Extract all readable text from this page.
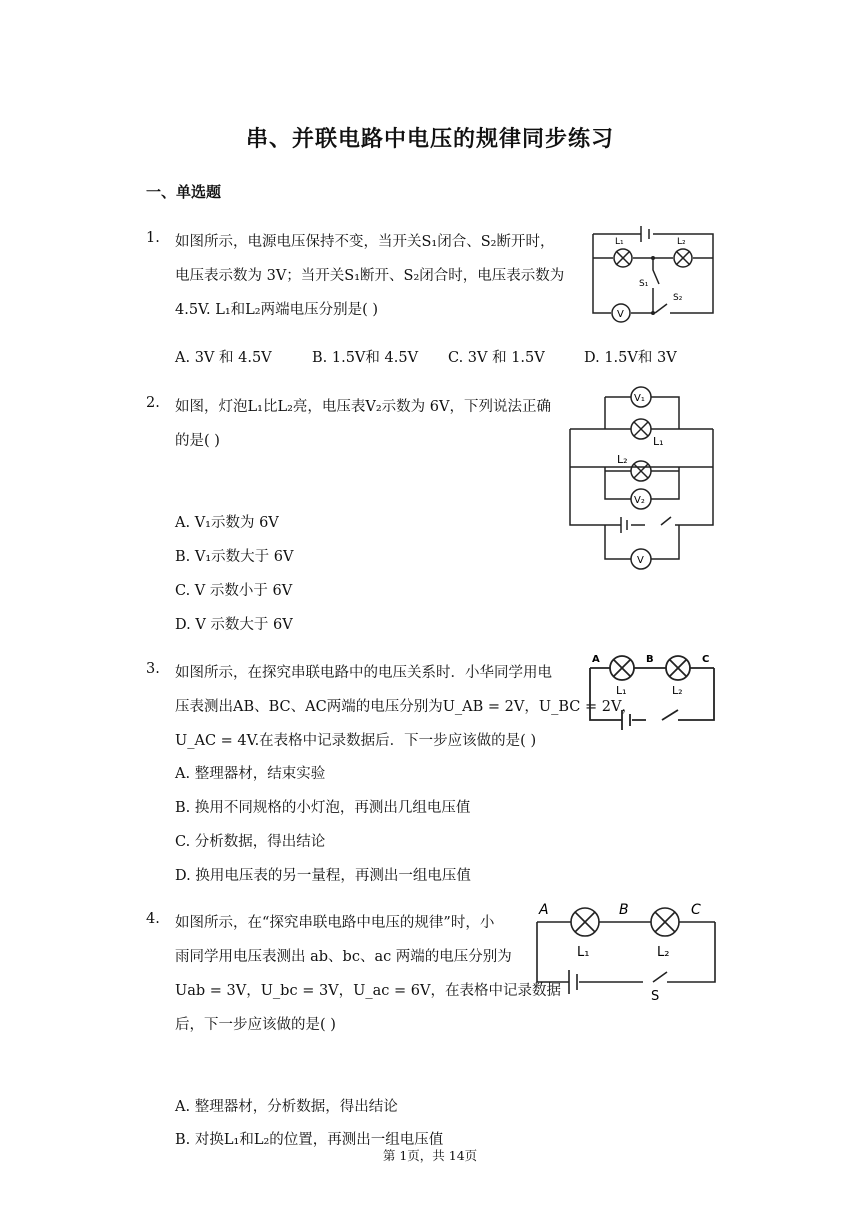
串、并联电路中电压的规律同步练习
一、单选题
1. 如图所示，电源电压保持不变，当开关S₁闭合、S₂断开时，
电压表示数为 3V；当开关S₁断开、S₂闭合时，电压表示数为
4.5V. L₁和L₂两端电压分别是( )
A. 3V 和 4.5V	B. 1.5V和 4.5V C. 3V 和 1.5V	D. 1.5V和 3V
L₁	L₂
S₁
S₂
V
2. 如图，灯泡L₁比L₂亮，电压表V₂示数为 6V，下列说法正确
的是( )
A. V₁示数为 6V
B. V₁示数大于 6V
C. V 示数小于 6V
D. V 示数大于 6V
V₁
L₁
L₂
V₂
V
3. 如图所示，在探究串联电路中的电压关系时．小华同学用电
压表测出AB、BC、AC两端的电压分别为U_AB = 2V，U_BC = 2V，
U_AC = 4V.在表格中记录数据后．下一步应该做的是( )
A. 整理器材，结束实验
B. 换用不同规格的小灯泡，再测出几组电压值
C. 分析数据，得出结论
D. 换用电压表的另一量程，再测出一组电压值
A	B	C
L₁	L₂
4. 如图所示，在“探究串联电路中电压的规律”时，小
雨同学用电压表测出 ab、bc、ac 两端的电压分别为
Uab = 3V，U_bc = 3V，U_ac = 6V，在表格中记录数据
后，下一步应该做的是( )
A. 整理器材，分析数据，得出结论
B. 对换L₁和L₂的位置，再测出一组电压值
A	B	C
L₁	L₂
S
第 1页，共 14页
